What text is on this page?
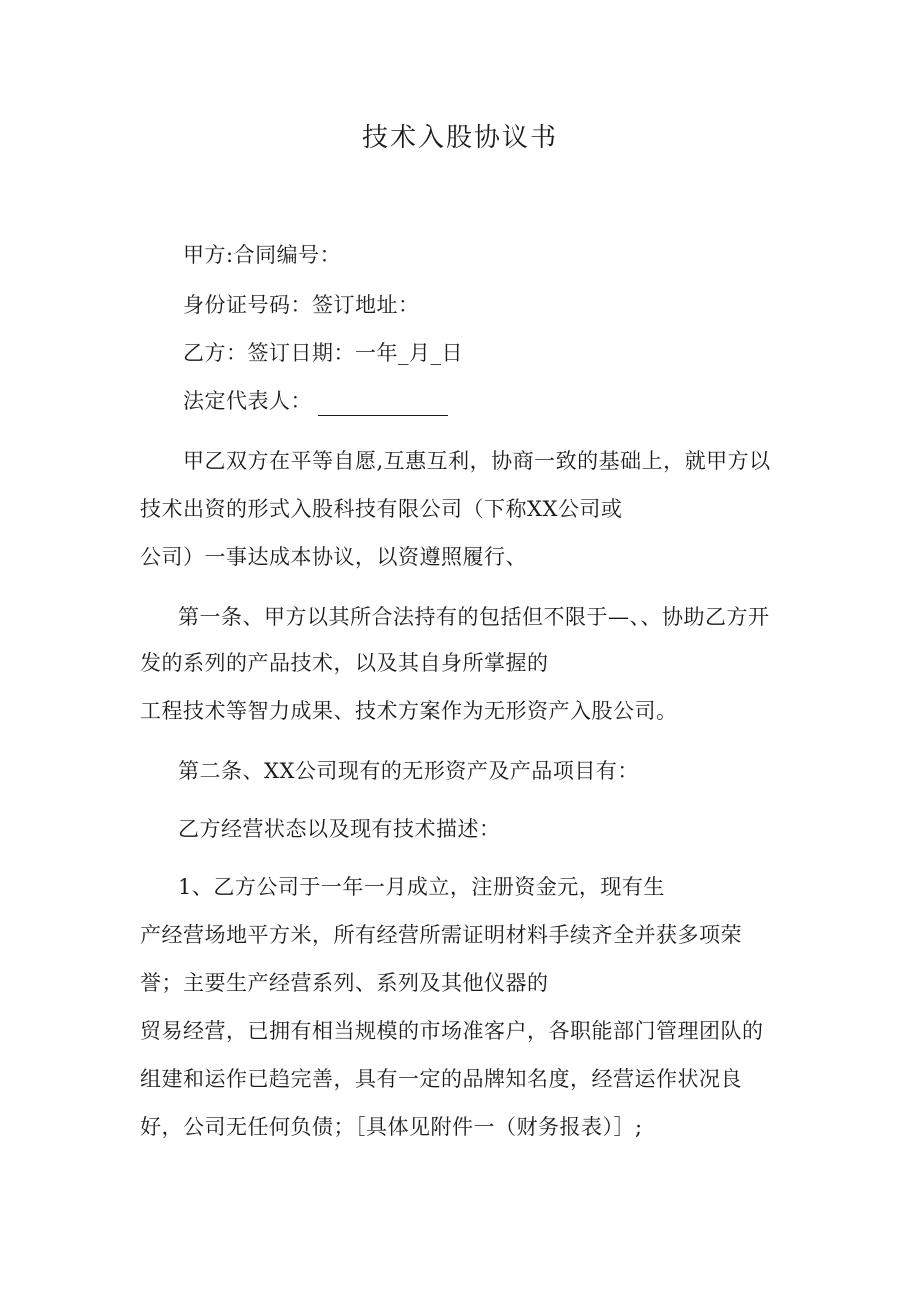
技术入股协议书
甲方:合同编号：
身份证号码：签订地址：
乙方：签订日期：一年_月_日
法定代表人：
甲乙双方在平等自愿,互惠互利，协商一致的基础上，就甲方以
技术出资的形式入股科技有限公司（下称XX公司或
公司）一事达成本协议，以资遵照履行、
第一条、甲方以其所合法持有的包括但不限于—、、协助乙方开
发的系列的产品技术，以及其自身所掌握的
工程技术等智力成果、技术方案作为无形资产入股公司。
第二条、XX公司现有的无形资产及产品项目有：
乙方经营状态以及现有技术描述：
1、乙方公司于一年一月成立，注册资金元，现有生
产经营场地平方米，所有经营所需证明材料手续齐全并获多项荣
誉；主要生产经营系列、系列及其他仪器的
贸易经营，已拥有相当规模的市场准客户，各职能部门管理团队的
组建和运作已趋完善，具有一定的品牌知名度，经营运作状况良
好，公司无任何负债；［具体见附件一（财务报表）］;
